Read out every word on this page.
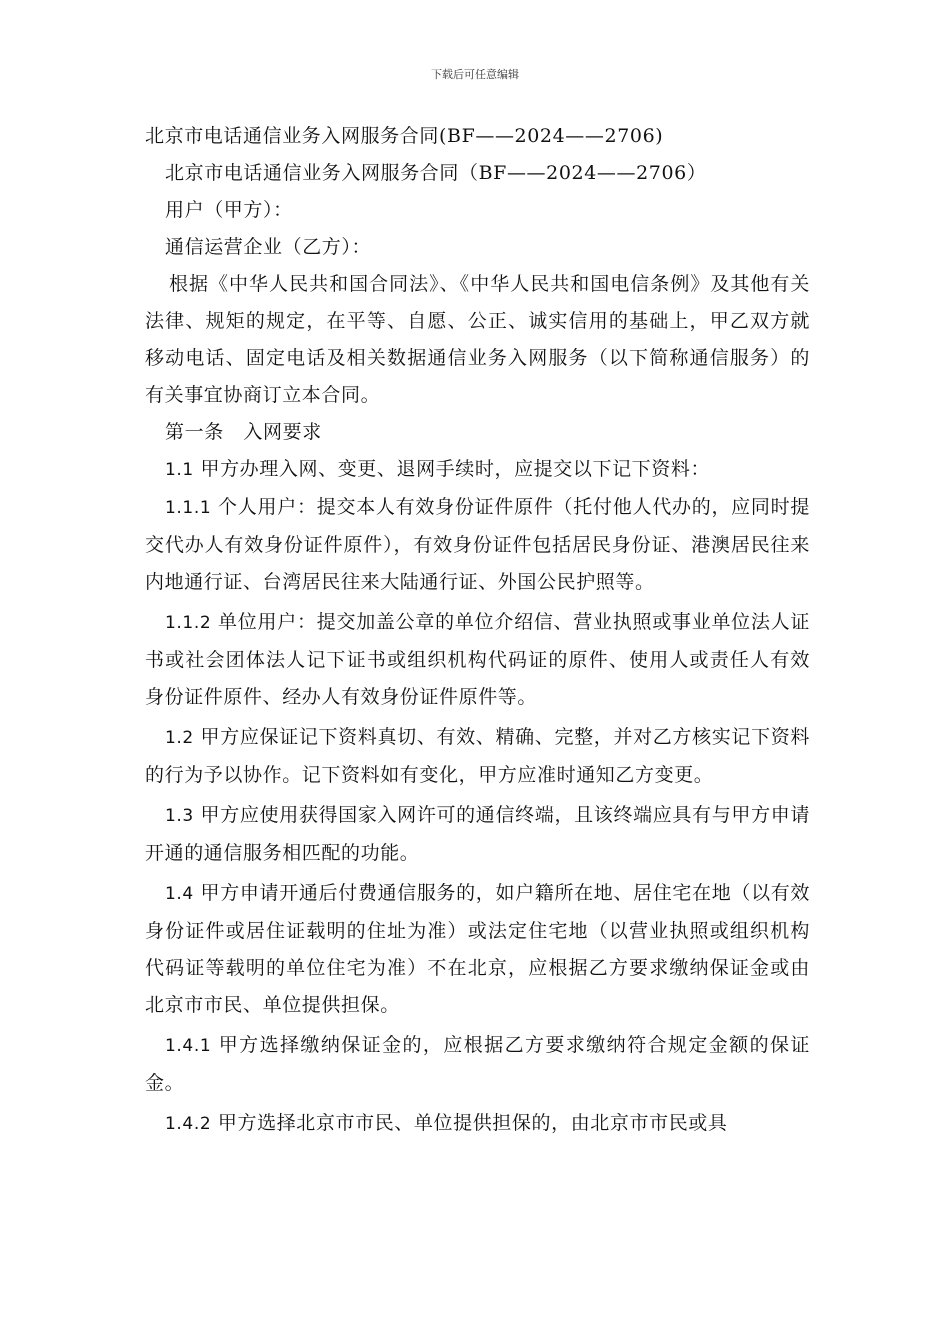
下载后可任意编辑

北京市电话通信业务入网服务合同(BF——2024——2706)

北京市电话通信业务入网服务合同（BF——2024——2706）

用户（甲方）：

通信运营企业（乙方）：

根据《中华人民共和国合同法》、《中华人民共和国电信条例》及其他有关法律、规矩的规定，在平等、自愿、公正、诚实信用的基础上，甲乙双方就移动电话、固定电话及相关数据通信业务入网服务（以下简称通信服务）的有关事宜协商订立本合同。

第一条　入网要求

1.1 甲方办理入网、变更、退网手续时，应提交以下记下资料：

1.1.1 个人用户：提交本人有效身份证件原件（托付他人代办的，应同时提交代办人有效身份证件原件），有效身份证件包括居民身份证、港澳居民往来内地通行证、台湾居民往来大陆通行证、外国公民护照等。

1.1.2 单位用户：提交加盖公章的单位介绍信、营业执照或事业单位法人证书或社会团体法人记下证书或组织机构代码证的原件、使用人或责任人有效身份证件原件、经办人有效身份证件原件等。

1.2 甲方应保证记下资料真切、有效、精确、完整，并对乙方核实记下资料的行为予以协作。记下资料如有变化，甲方应准时通知乙方变更。

1.3 甲方应使用获得国家入网许可的通信终端，且该终端应具有与甲方申请开通的通信服务相匹配的功能。

1.4 甲方申请开通后付费通信服务的，如户籍所在地、居住宅在地（以有效身份证件或居住证载明的住址为准）或法定住宅地（以营业执照或组织机构代码证等载明的单位住宅为准）不在北京，应根据乙方要求缴纳保证金或由北京市市民、单位提供担保。

1.4.1 甲方选择缴纳保证金的，应根据乙方要求缴纳符合规定金额的保证金。

1.4.2 甲方选择北京市市民、单位提供担保的，由北京市市民或具
